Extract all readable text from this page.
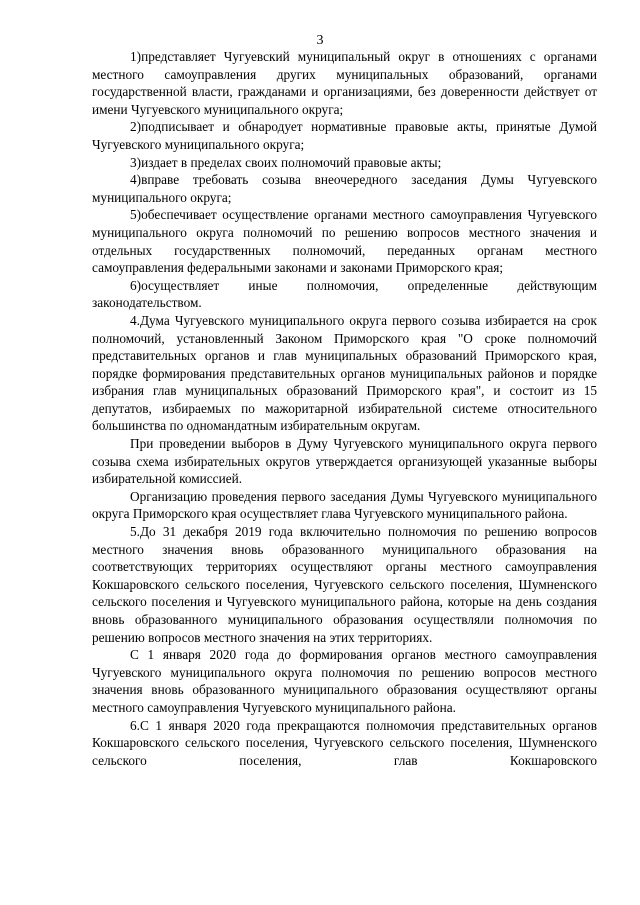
3

1)представляет Чугуевский муниципальный округ в отношениях с органами местного самоуправления других муниципальных образований, органами государственной власти, гражданами и организациями, без доверенности действует от имени Чугуевского муниципального округа;

2)подписывает и обнародует нормативные правовые акты, принятые Думой Чугуевского муниципального округа;

3)издает в пределах своих полномочий правовые акты;

4)вправе требовать созыва внеочередного заседания Думы Чугуевского муниципального округа;

5)обеспечивает осуществление органами местного самоуправления Чугуевского муниципального округа полномочий по решению вопросов местного значения и отдельных государственных полномочий, переданных органам местного самоуправления федеральными законами и законами Приморского края;

6)осуществляет иные полномочия, определенные действующим законодательством.

4.Дума Чугуевского муниципального округа первого созыва избирается на срок полномочий, установленный Законом Приморского края "О сроке полномочий представительных органов и глав муниципальных образований Приморского края, порядке формирования представительных органов муниципальных районов и порядке избрания глав муниципальных образований Приморского края", и состоит из 15 депутатов, избираемых по мажоритарной избирательной системе относительного большинства по одномандатным избирательным округам.

При проведении выборов в Думу Чугуевского муниципального округа первого созыва схема избирательных округов утверждается организующей указанные выборы избирательной комиссией.

Организацию проведения первого заседания Думы Чугуевского муниципального округа Приморского края осуществляет глава Чугуевского муниципального района.

5.До 31 декабря 2019 года включительно полномочия по решению вопросов местного значения вновь образованного муниципального образования на соответствующих территориях осуществляют органы местного самоуправления Кокшаровского сельского поселения, Чугуевского сельского поселения, Шумненского сельского поселения и Чугуевского муниципального района, которые на день создания вновь образованного муниципального образования осуществляли полномочия по решению вопросов местного значения на этих территориях.

С 1 января 2020 года до формирования органов местного самоуправления Чугуевского муниципального округа полномочия по решению вопросов местного значения вновь образованного муниципального образования осуществляют органы местного самоуправления Чугуевского муниципального района.

6.С 1 января 2020 года прекращаются полномочия представительных органов Кокшаровского сельского поселения, Чугуевского сельского поселения, Шумненского сельского поселения, глав Кокшаровского
